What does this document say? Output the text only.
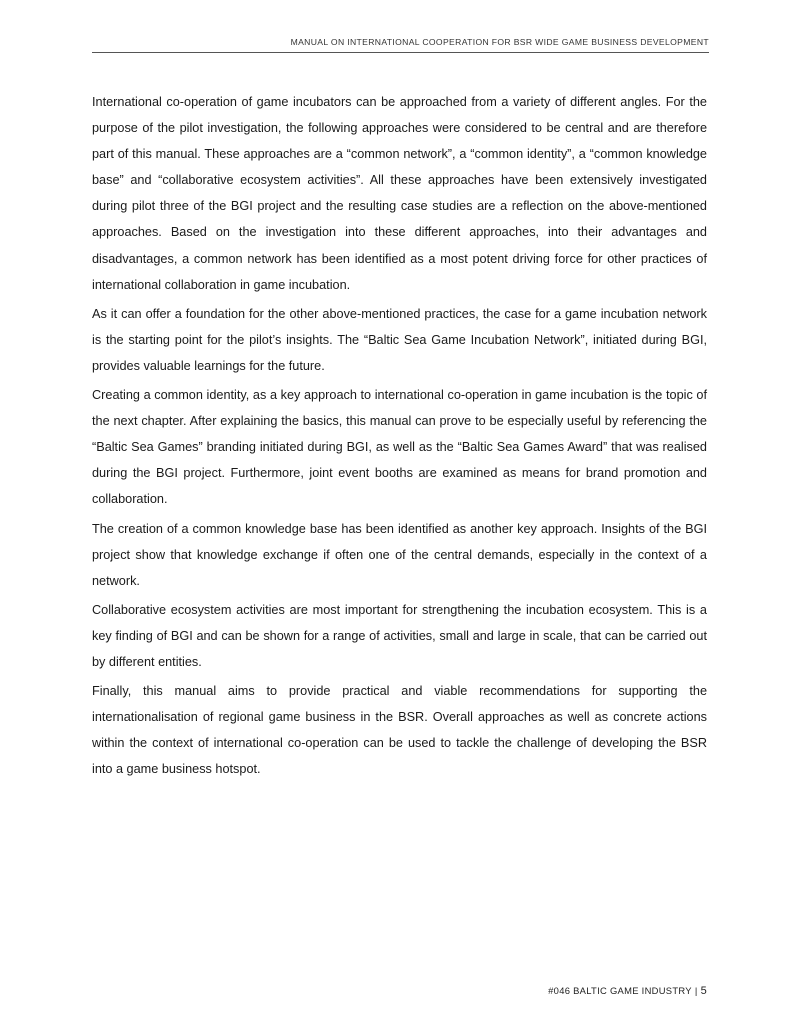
MANUAL ON INTERNATIONAL COOPERATION FOR BSR WIDE GAME BUSINESS DEVELOPMENT

International co-operation of game incubators can be approached from a variety of different angles. For the purpose of the pilot investigation, the following approaches were considered to be central and are therefore part of this manual. These approaches are a “common network”, a “common identity”, a “common knowledge base” and “collaborative ecosystem activities”. All these approaches have been extensively investigated during pilot three of the BGI project and the resulting case studies are a reflection on the above-mentioned approaches. Based on the investigation into these different approaches, into their advantages and disadvantages, a common network has been identified as a most potent driving force for other practices of international collaboration in game incubation.

As it can offer a foundation for the other above-mentioned practices, the case for a game incubation network is the starting point for the pilot’s insights. The “Baltic Sea Game Incubation Network”, initiated during BGI, provides valuable learnings for the future.

Creating a common identity, as a key approach to international co-operation in game incubation is the topic of the next chapter. After explaining the basics, this manual can prove to be especially useful by referencing the “Baltic Sea Games” branding initiated during BGI, as well as the “Baltic Sea Games Award” that was realised during the BGI project. Furthermore, joint event booths are examined as means for brand promotion and collaboration.

The creation of a common knowledge base has been identified as another key approach. Insights of the BGI project show that knowledge exchange if often one of the central demands, especially in the context of a network.

Collaborative ecosystem activities are most important for strengthening the incubation ecosystem. This is a key finding of BGI and can be shown for a range of activities, small and large in scale, that can be carried out by different entities.

Finally, this manual aims to provide practical and viable recommendations for supporting the internationalisation of regional game business in the BSR. Overall approaches as well as concrete actions within the context of international co-operation can be used to tackle the challenge of developing the BSR into a game business hotspot.

#046 BALTIC GAME INDUSTRY | 5
